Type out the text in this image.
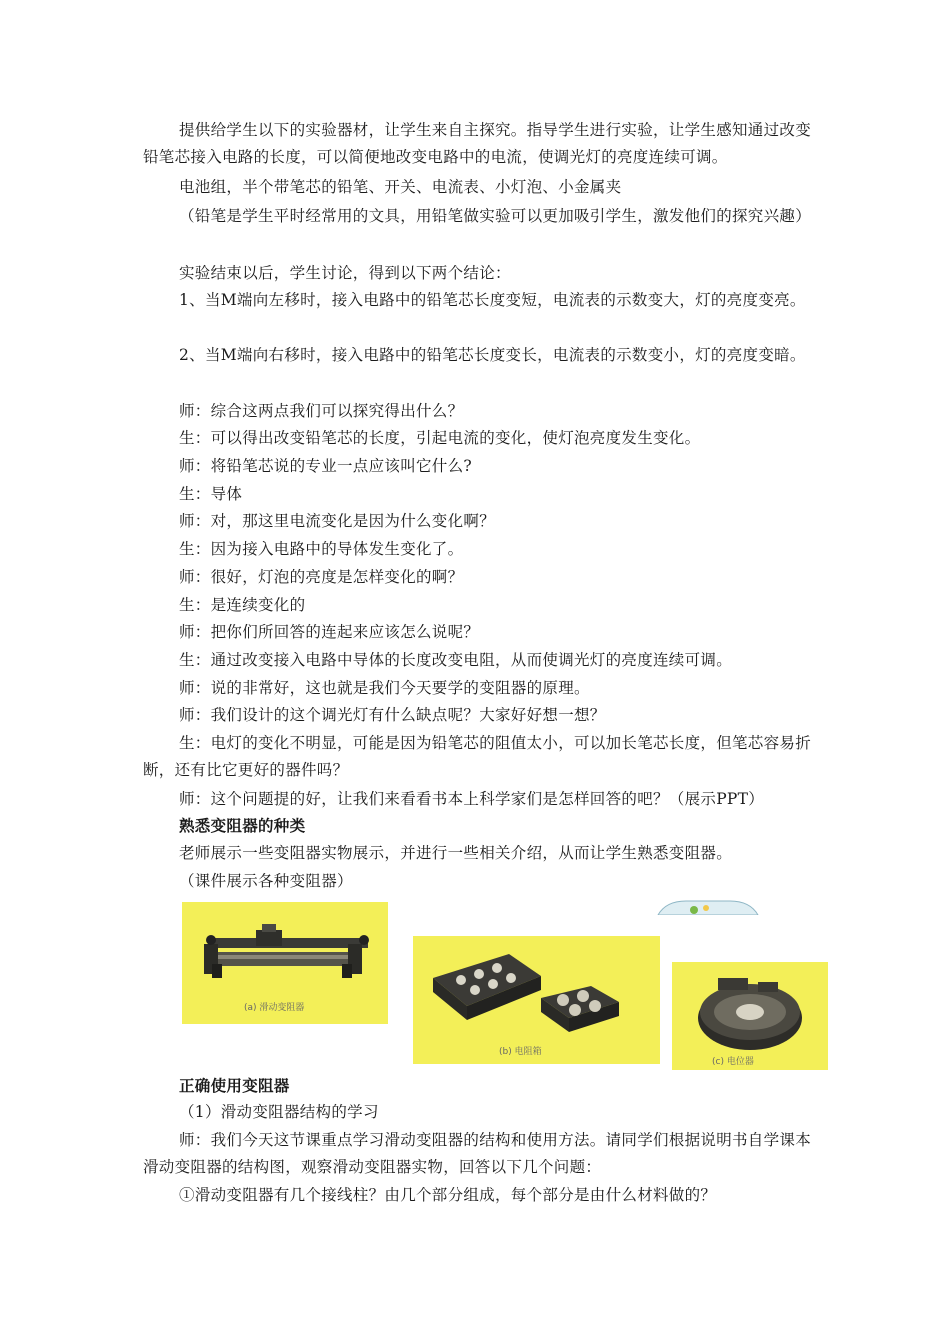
提供给学生以下的实验器材，让学生来自主探究。指导学生进行实验，让学生感知通过改变铅笔芯接入电路的长度，可以简便地改变电路中的电流，使调光灯的亮度连续可调。
电池组，半个带笔芯的铅笔、开关、电流表、小灯泡、小金属夹
（铅笔是学生平时经常用的文具，用铅笔做实验可以更加吸引学生，激发他们的探究兴趣）
实验结束以后，学生讨论，得到以下两个结论：
1、当M端向左移时，接入电路中的铅笔芯长度变短，电流表的示数变大，灯的亮度变亮。
2、当M端向右移时，接入电路中的铅笔芯长度变长，电流表的示数变小，灯的亮度变暗。
师：综合这两点我们可以探究得出什么？
生：可以得出改变铅笔芯的长度，引起电流的变化，使灯泡亮度发生变化。
师：将铅笔芯说的专业一点应该叫它什么?
生：导体
师：对，那这里电流变化是因为什么变化啊？
生：因为接入电路中的导体发生变化了。
师：很好，灯泡的亮度是怎样变化的啊？
生：是连续变化的
师：把你们所回答的连起来应该怎么说呢？
生：通过改变接入电路中导体的长度改变电阻，从而使调光灯的亮度连续可调。
师：说的非常好，这也就是我们今天要学的变阻器的原理。
师：我们设计的这个调光灯有什么缺点呢？大家好好想一想？
生：电灯的变化不明显，可能是因为铅笔芯的阻值太小，可以加长笔芯长度，但笔芯容易折断，还有比它更好的器件吗？
师：这个问题提的好，让我们来看看书本上科学家们是怎样回答的吧？（展示PPT）
熟悉变阻器的种类
老师展示一些变阻器实物展示，并进行一些相关介绍，从而让学生熟悉变阻器。
（课件展示各种变阻器）
(a) 滑动变阻器
(b) 电阻箱
(c) 电位器
正确使用变阻器
（1）滑动变阻器结构的学习
师：我们今天这节课重点学习滑动变阻器的结构和使用方法。请同学们根据说明书自学课本滑动变阻器的结构图，观察滑动变阻器实物，回答以下几个问题：
①滑动变阻器有几个接线柱？由几个部分组成，每个部分是由什么材料做的？
